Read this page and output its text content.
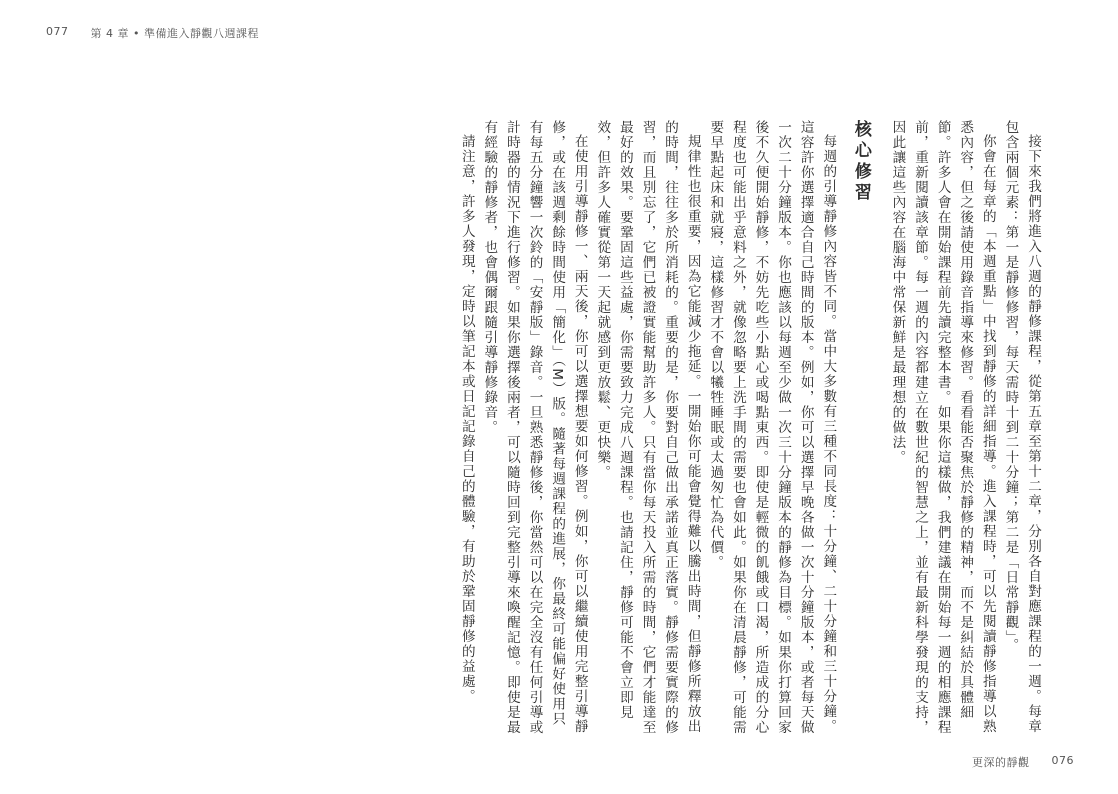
077 第 4 章 • 準備進入靜觀八週課程

接下來我們將進入八週的靜修課程，從第五章至第十二章，分別各自對應課程的一週。每章包含兩個元素：第一是靜修修習，每天需時十到二十分鐘；第二是「日常靜觀」。

你會在每章的「本週重點」中找到靜修的詳細指導。進入課程時，可以先閱讀靜修指導以熟悉內容，但之後請使用錄音指導來修習。看看能否聚焦於靜修的精神，而不是糾結於具體細節。許多人會在開始課程前先讀完整本書。如果你這樣做，我們建議在開始每一週的相應課程前，重新閱讀該章節。每一週的內容都建立在數世紀的智慧之上，並有最新科學發現的支持，因此讓這些內容在腦海中常保新鮮是最理想的做法。

核心修習

每週的引導靜修內容皆不同。當中大多數有三種不同長度：十分鐘、二十分鐘和三十分鐘。這容許你選擇適合自己時間的版本。例如，你可以選擇早晚各做一次十分鐘版本，或者每天做一次二十分鐘版本。你也應該以每週至少做一次三十分鐘版本的靜修為目標。如果你打算回家後不久便開始靜修，不妨先吃些小點心或喝點東西。即使是輕微的飢餓或口渴，所造成的分心程度也可能出乎意料之外，就像忽略要上洗手間的需要也會如此。如果你在清晨靜修，可能需要早點起床和就寢，這樣修習才不會以犧牲睡眠或太過匆忙為代價。

規律性也很重要，因為它能減少拖延。一開始你可能會覺得難以騰出時間，但靜修所釋放出的時間，往往多於所消耗的。重要的是，你要對自己做出承諾並真正落實。靜修需要實際的修習，而且別忘了，它們已被證實能幫助許多人。只有當你每天投入所需的時間，它們才能達至最好的效果。要鞏固這些益處，你需要致力完成八週課程。也請記住，靜修可能不會立即見效，但許多人確實從第一天起就感到更放鬆、更快樂。

在使用引導靜修一、兩天後，你可以選擇想要如何修習。例如，你可以繼續使用完整引導靜修，或在該週剩餘時間使用「簡化」（M）版。隨著每週課程的進展，你最終可能偏好使用只有每五分鐘響一次鈴的「安靜版」錄音。一旦熟悉靜修後，你當然可以在完全沒有任何引導或計時器的情況下進行修習。如果你選擇後兩者，可以隨時回到完整引導來喚醒記憶。即使是最有經驗的靜修者，也會偶爾跟隨引導靜修錄音。

請注意，許多人發現，定時以筆記本或日記記錄自己的體驗，有助於鞏固靜修的益處。

更深的靜觀 076
